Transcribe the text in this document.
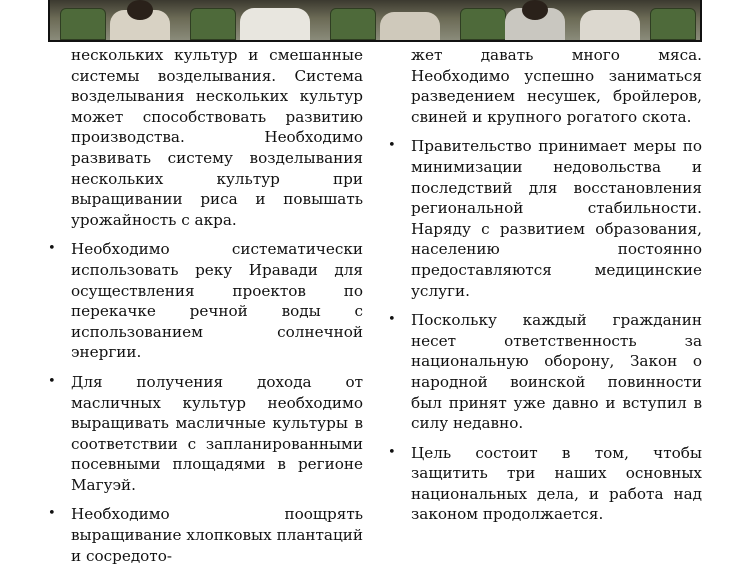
нескольких культур и смешанные системы возделывания. Система возделывания нескольких культур может способствовать развитию производства. Необходимо развивать систему возделывания нескольких культур при выращивании риса и повышать урожайность с акра.

• Необходимо систематически использовать реку Иравади для осуществления проектов по перекачке речной воды с использованием солнечной энергии.
• Для получения дохода от масличных культур необходимо выращивать масличные культуры в соответствии с запланированными посевными площадями в регионе Магуэй.
• Необходимо поощрять выращивание хлопковых плантаций и сосредото-

жет давать много мяса. Необходимо успешно заниматься разведением несушек, бройлеров, свиней и крупного рогатого скота.

• Правительство принимает меры по минимизации недовольства и последствий для восстановления региональной стабильности. Наряду с развитием образования, населению постоянно предоставляются медицинские услуги.
• Поскольку каждый гражданин несет ответственность за национальную оборону, Закон о народной воинской повинности был принят уже давно и вступил в силу недавно.
• Цель состоит в том, чтобы защитить три наших основных национальных дела, и работа над законом продолжается.
